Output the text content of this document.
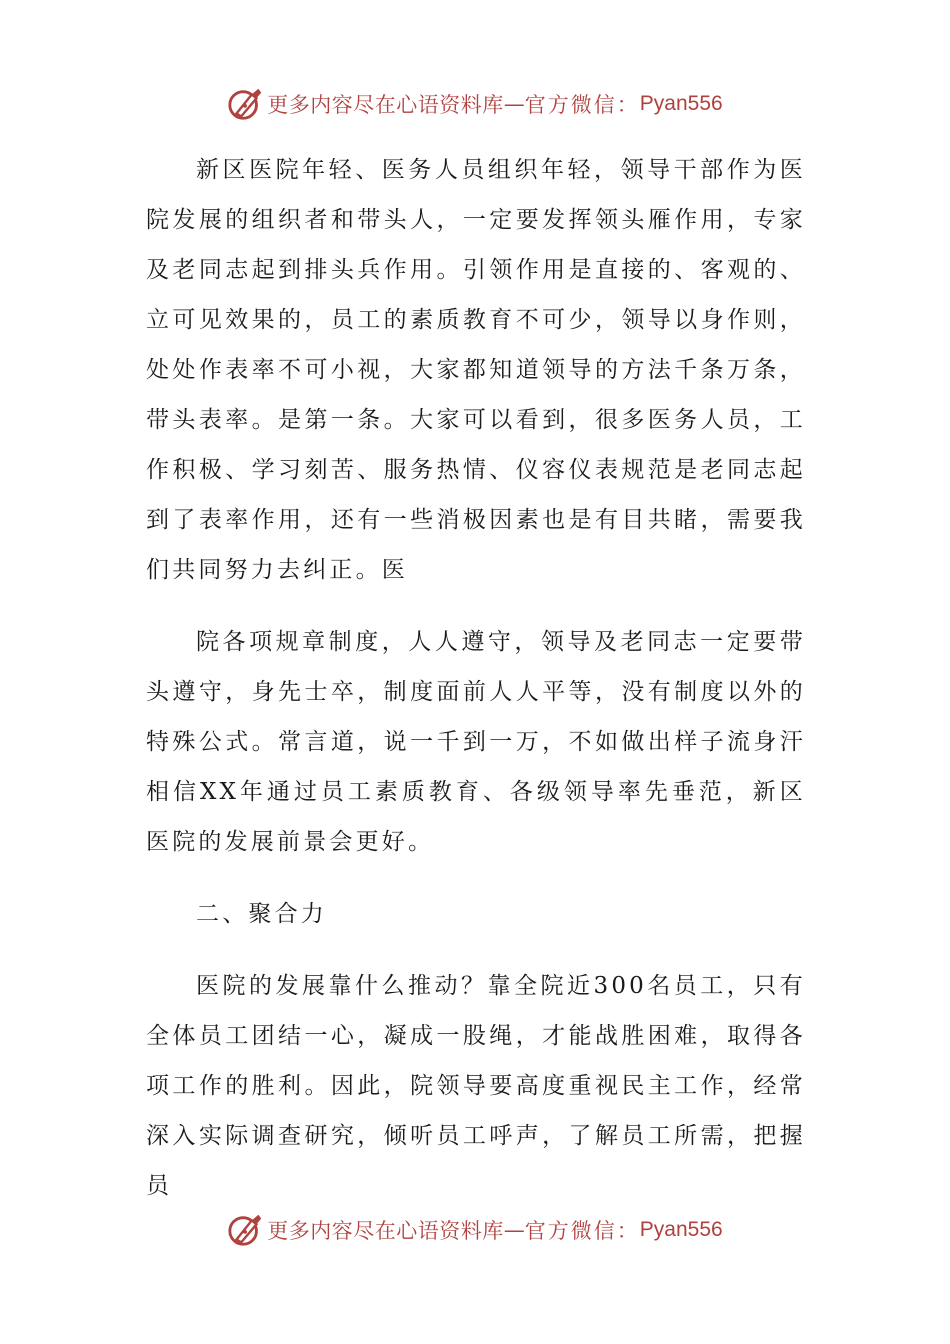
更多内容尽在心语资料库 — 官方微信： Pyan556

新区医院年轻、医务人员组织年轻，领导干部作为医院发展的组织者和带头人，一定要发挥领头雁作用，专家及老同志起到排头兵作用。引领作用是直接的、客观的、立可见效果的，员工的素质教育不可少，领导以身作则，处处作表率不可小视，大家都知道领导的方法千条万条，带头表率。是第一条。大家可以看到，很多医务人员，工作积极、学习刻苦、服务热情、仪容仪表规范是老同志起到了表率作用，还有一些消极因素也是有目共睹，需要我们共同努力去纠正。医

院各项规章制度，人人遵守，领导及老同志一定要带头遵守，身先士卒，制度面前人人平等，没有制度以外的特殊公式。常言道，说一千到一万，不如做出样子流身汗相信XX年通过员工素质教育、各级领导率先垂范，新区医院的发展前景会更好。

二、聚合力

医院的发展靠什么推动？靠全院近300名员工，只有全体员工团结一心，凝成一股绳，才能战胜困难，取得各项工作的胜利。因此，院领导要高度重视民主工作，经常深入实际调查研究，倾听员工呼声，了解员工所需，把握员

更多内容尽在心语资料库 — 官方微信： Pyan556
